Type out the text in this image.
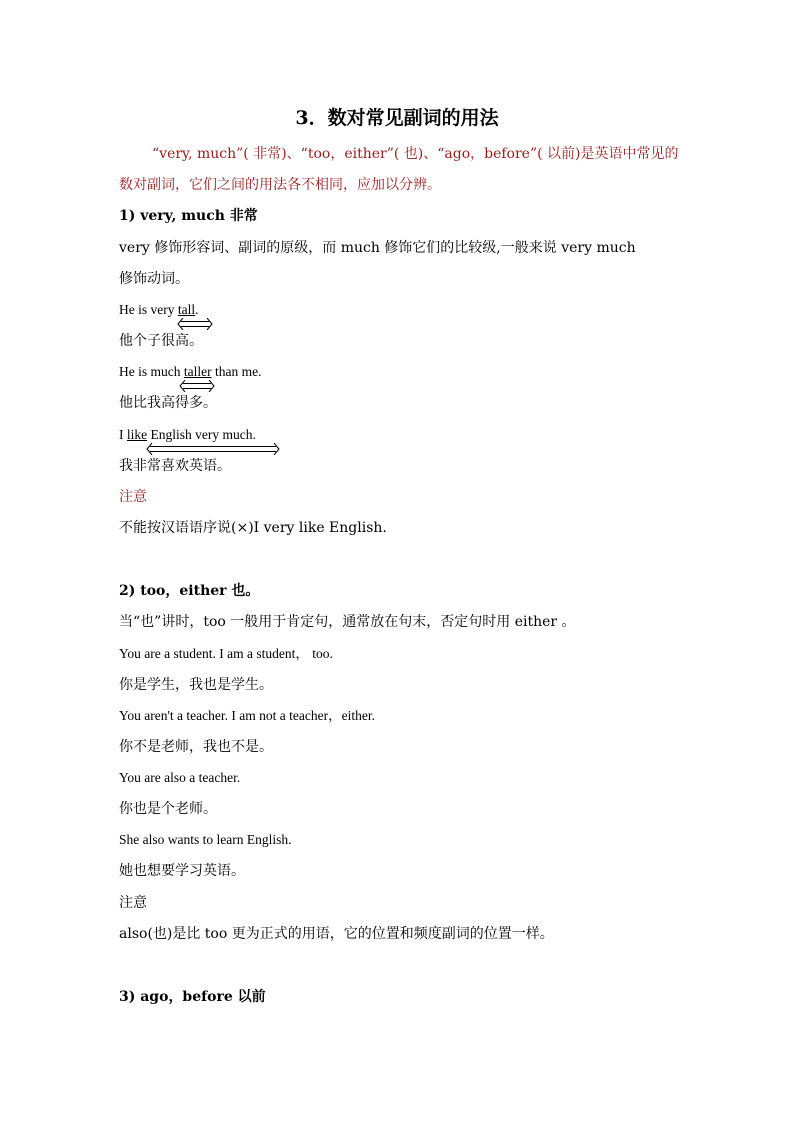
3．数对常见副词的用法
“very, much”( 非常)、“too，either”( 也)、“ago，before”( 以前)是英语中常见的
数对副词，它们之间的用法各不相同，应加以分辨。
1) very, much 非常
very 修饰形容词、副词的原级，而 much 修饰它们的比较级,一般来说 very much
修饰动词。
He is very tall.
他个子很高。
He is much taller than me.
他比我高得多。
I like English very much.
我非常喜欢英语。
注意
不能按汉语语序说(×)I very like English.
2) too，either 也。
当“也”讲时，too 一般用于肯定句，通常放在句末，否定句时用 either 。
You are a student. I am a student， too.
你是学生，我也是学生。
You aren't a teacher. I am not a teacher，either.
你不是老师，我也不是。
You are also a teacher.
你也是个老师。
She also wants to learn English.
她也想要学习英语。
注意
also(也)是比 too 更为正式的用语，它的位置和频度副词的位置一样。
3) ago，before 以前
